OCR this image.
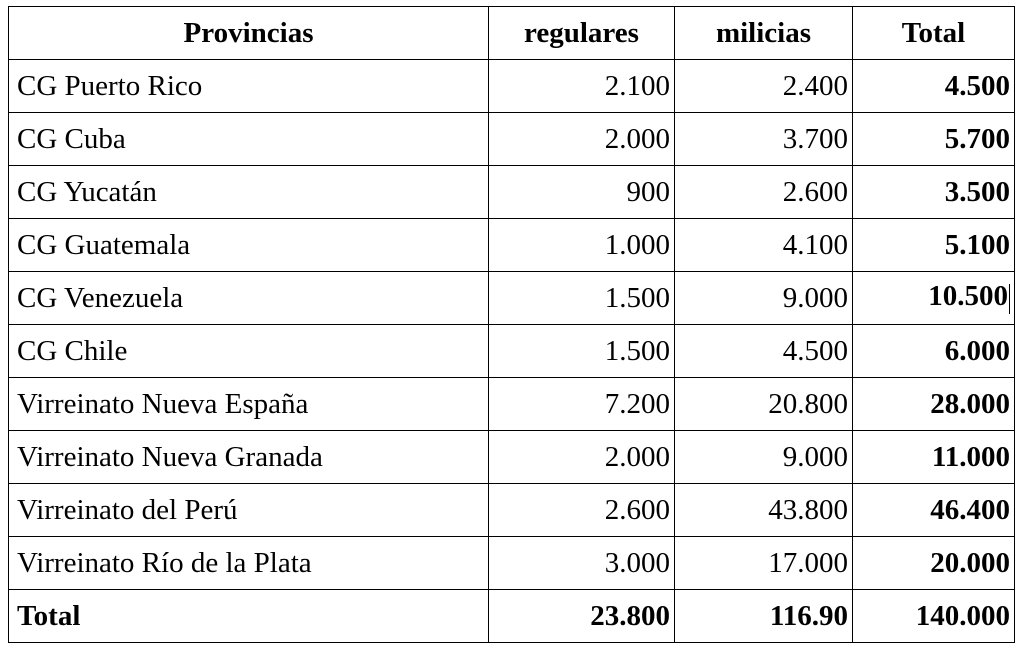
Provincias	regulares	milicias	Total
CG Puerto Rico	2.100	2.400	4.500
CG Cuba	2.000	3.700	5.700
CG Yucatán	900	2.600	3.500
CG Guatemala	1.000	4.100	5.100
CG Venezuela	1.500	9.000	10.500
CG Chile	1.500	4.500	6.000
Virreinato Nueva España	7.200	20.800	28.000
Virreinato Nueva Granada	2.000	9.000	11.000
Virreinato del Perú	2.600	43.800	46.400
Virreinato Río de la Plata	3.000	17.000	20.000
Total	23.800	116.90	140.000
